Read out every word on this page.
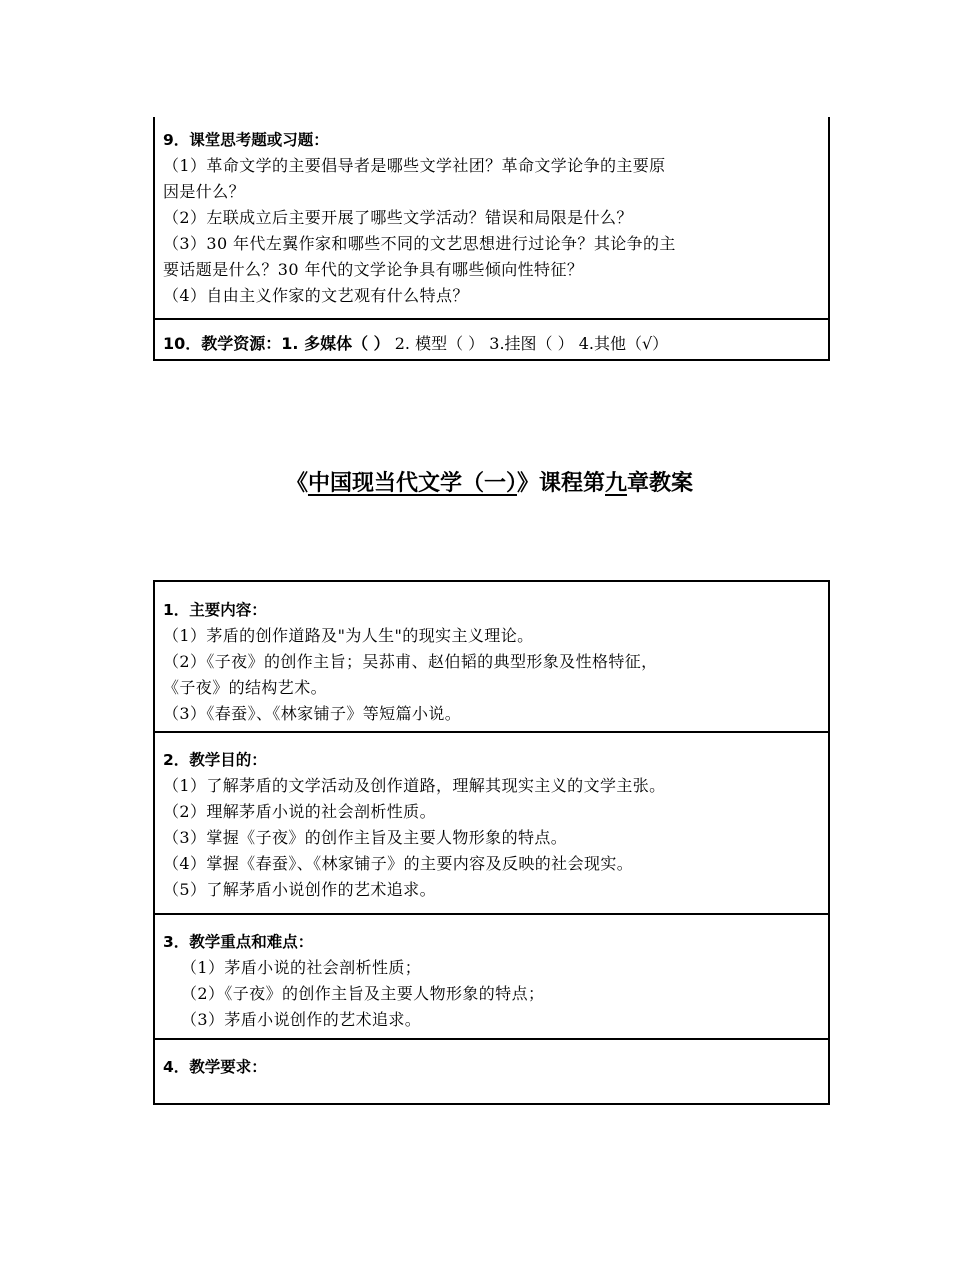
9．课堂思考题或习题：
（1）革命文学的主要倡导者是哪些文学社团？革命文学论争的主要原
因是什么？
（2）左联成立后主要开展了哪些文学活动？错误和局限是什么？
（3）30 年代左翼作家和哪些不同的文艺思想进行过论争？其论争的主
要话题是什么？30 年代的文学论争具有哪些倾向性特征？
（4）自由主义作家的文艺观有什么特点？
10．教学资源：1. 多媒体（ ） 2. 模型（ ） 3.挂图（ ） 4.其他（√）
《中国现当代文学（一）》课程第九章教案
1．主要内容：
（1）茅盾的创作道路及"为人生"的现实主义理论。
（2）《子夜》的创作主旨；吴荪甫、赵伯韬的典型形象及性格特征，
《子夜》的结构艺术。
（3）《春蚕》、《林家铺子》等短篇小说。
2．教学目的：
（1）了解茅盾的文学活动及创作道路，理解其现实主义的文学主张。
（2）理解茅盾小说的社会剖析性质。
（3）掌握《子夜》的创作主旨及主要人物形象的特点。
（4）掌握《春蚕》、《林家铺子》的主要内容及反映的社会现实。
（5）了解茅盾小说创作的艺术追求。
3．教学重点和难点：
（1）茅盾小说的社会剖析性质；
（2）《子夜》的创作主旨及主要人物形象的特点；
（3）茅盾小说创作的艺术追求。
4．教学要求：
